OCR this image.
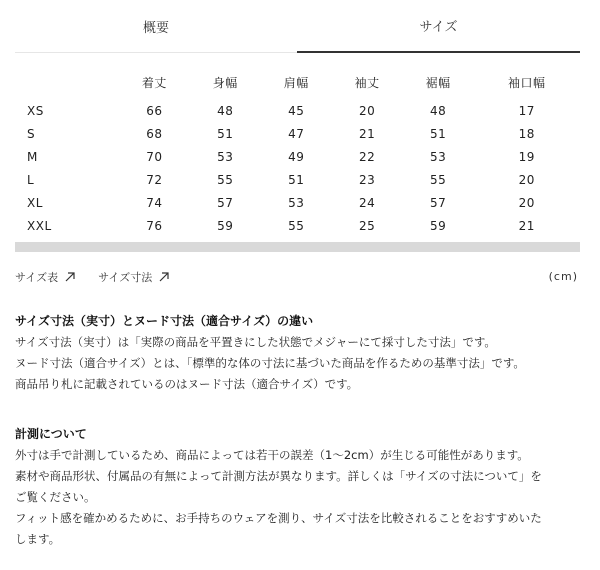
概要	サイズ
	着丈	身幅	肩幅	袖丈	裾幅	袖口幅
XS	66	48	45	20	48	17
S	68	51	47	21	51	18
M	70	53	49	22	53	19
L	72	55	51	23	55	20
XL	74	57	53	24	57	20
XXL	76	59	55	25	59	21
サイズ表	サイズ寸法	(cm)
サイズ寸法（実寸）とヌード寸法（適合サイズ）の違い

サイズ寸法（実寸）は「実際の商品を平置きにした状態でメジャーにて採寸した寸法」です。

ヌード寸法（適合サイズ）とは、「標準的な体の寸法に基づいた商品を作るための基準寸法」です。

商品吊り札に記載されているのはヌード寸法（適合サイズ）です。

計測について

外寸は手で計測しているため、商品によっては若干の誤差（1〜2cm）が生じる可能性があります。

素材や商品形状、付属品の有無によって計測方法が異なります。詳しくは「サイズの寸法について」を

ご覧ください。

フィット感を確かめるために、お手持ちのウェアを測り、サイズ寸法を比較されることをおすすめいた

します。
